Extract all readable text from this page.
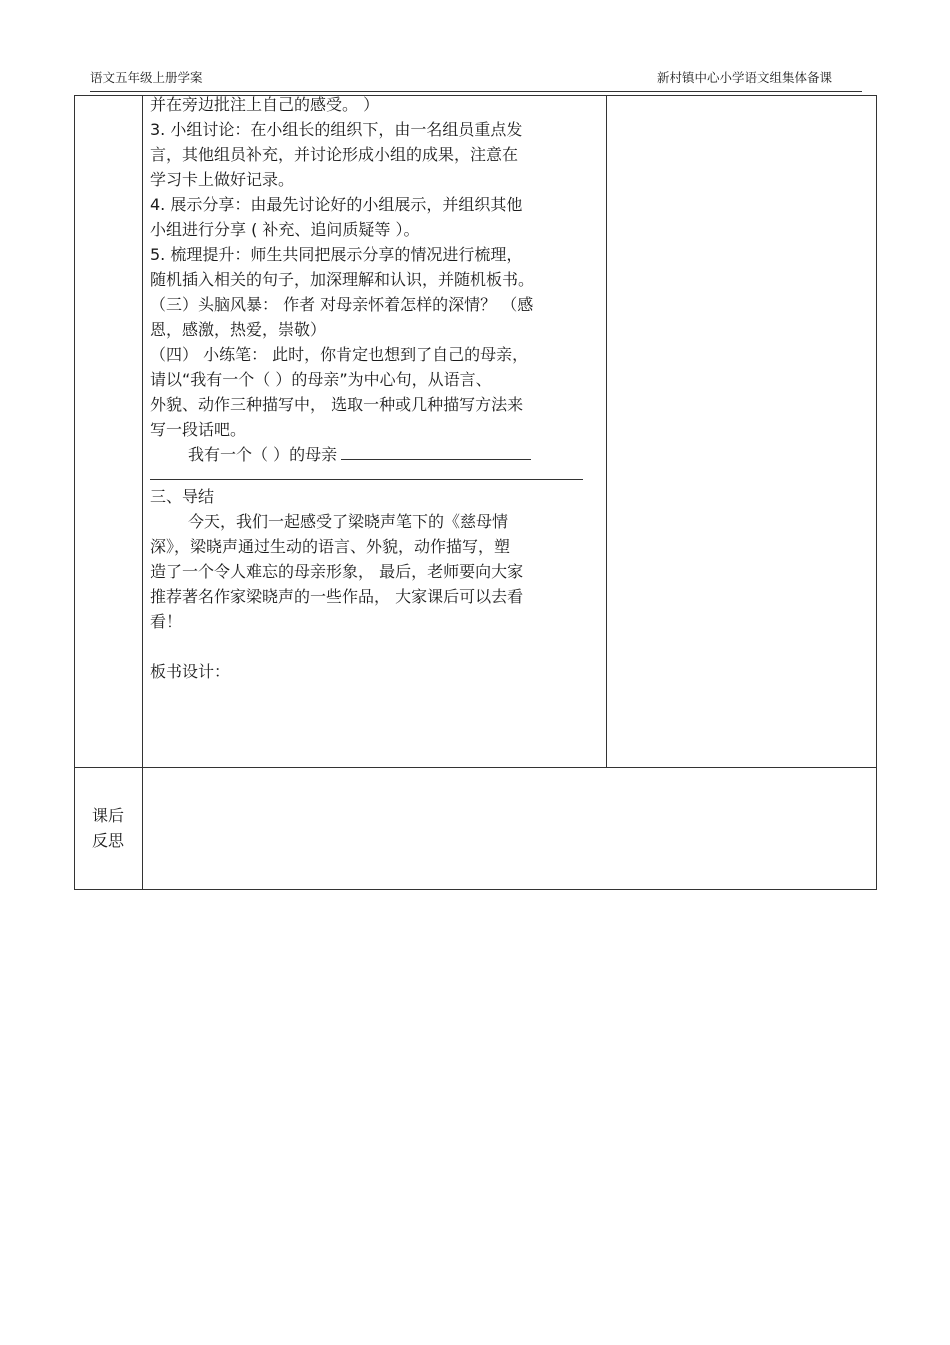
语文五年级上册学案	新村镇中心小学语文组集体备课

并在旁边批注上自己的感受。 ）

3. 小组讨论：在小组长的组织下，由一名组员重点发

言，其他组员补充，并讨论形成小组的成果，注意在

学习卡上做好记录。

4. 展示分享：由最先讨论好的小组展示，并组织其他

小组进行分享 ( 补充、追问质疑等 ）。

5. 梳理提升：师生共同把展示分享的情况进行梳理，

随机插入相关的句子，加深理解和认识，并随机板书。

（三）头脑风暴： 作者 对母亲怀着怎样的深情？ （感

恩，感激，热爱，崇敬）

（四） 小练笔： 此时，你肯定也想到了自己的母亲，

请以“我有一个（ ）的母亲”为中心句，从语言、

外貌、动作三种描写中， 选取一种或几种描写方法来

写一段话吧。

我有一个（ ）的母亲

三、导结

今天，我们一起感受了梁晓声笔下的《慈母情

深》，梁晓声通过生动的语言、外貌，动作描写，塑

造了一个令人难忘的母亲形象， 最后，老师要向大家

推荐著名作家梁晓声的一些作品， 大家课后可以去看

看！

板书设计：

课后
反思
